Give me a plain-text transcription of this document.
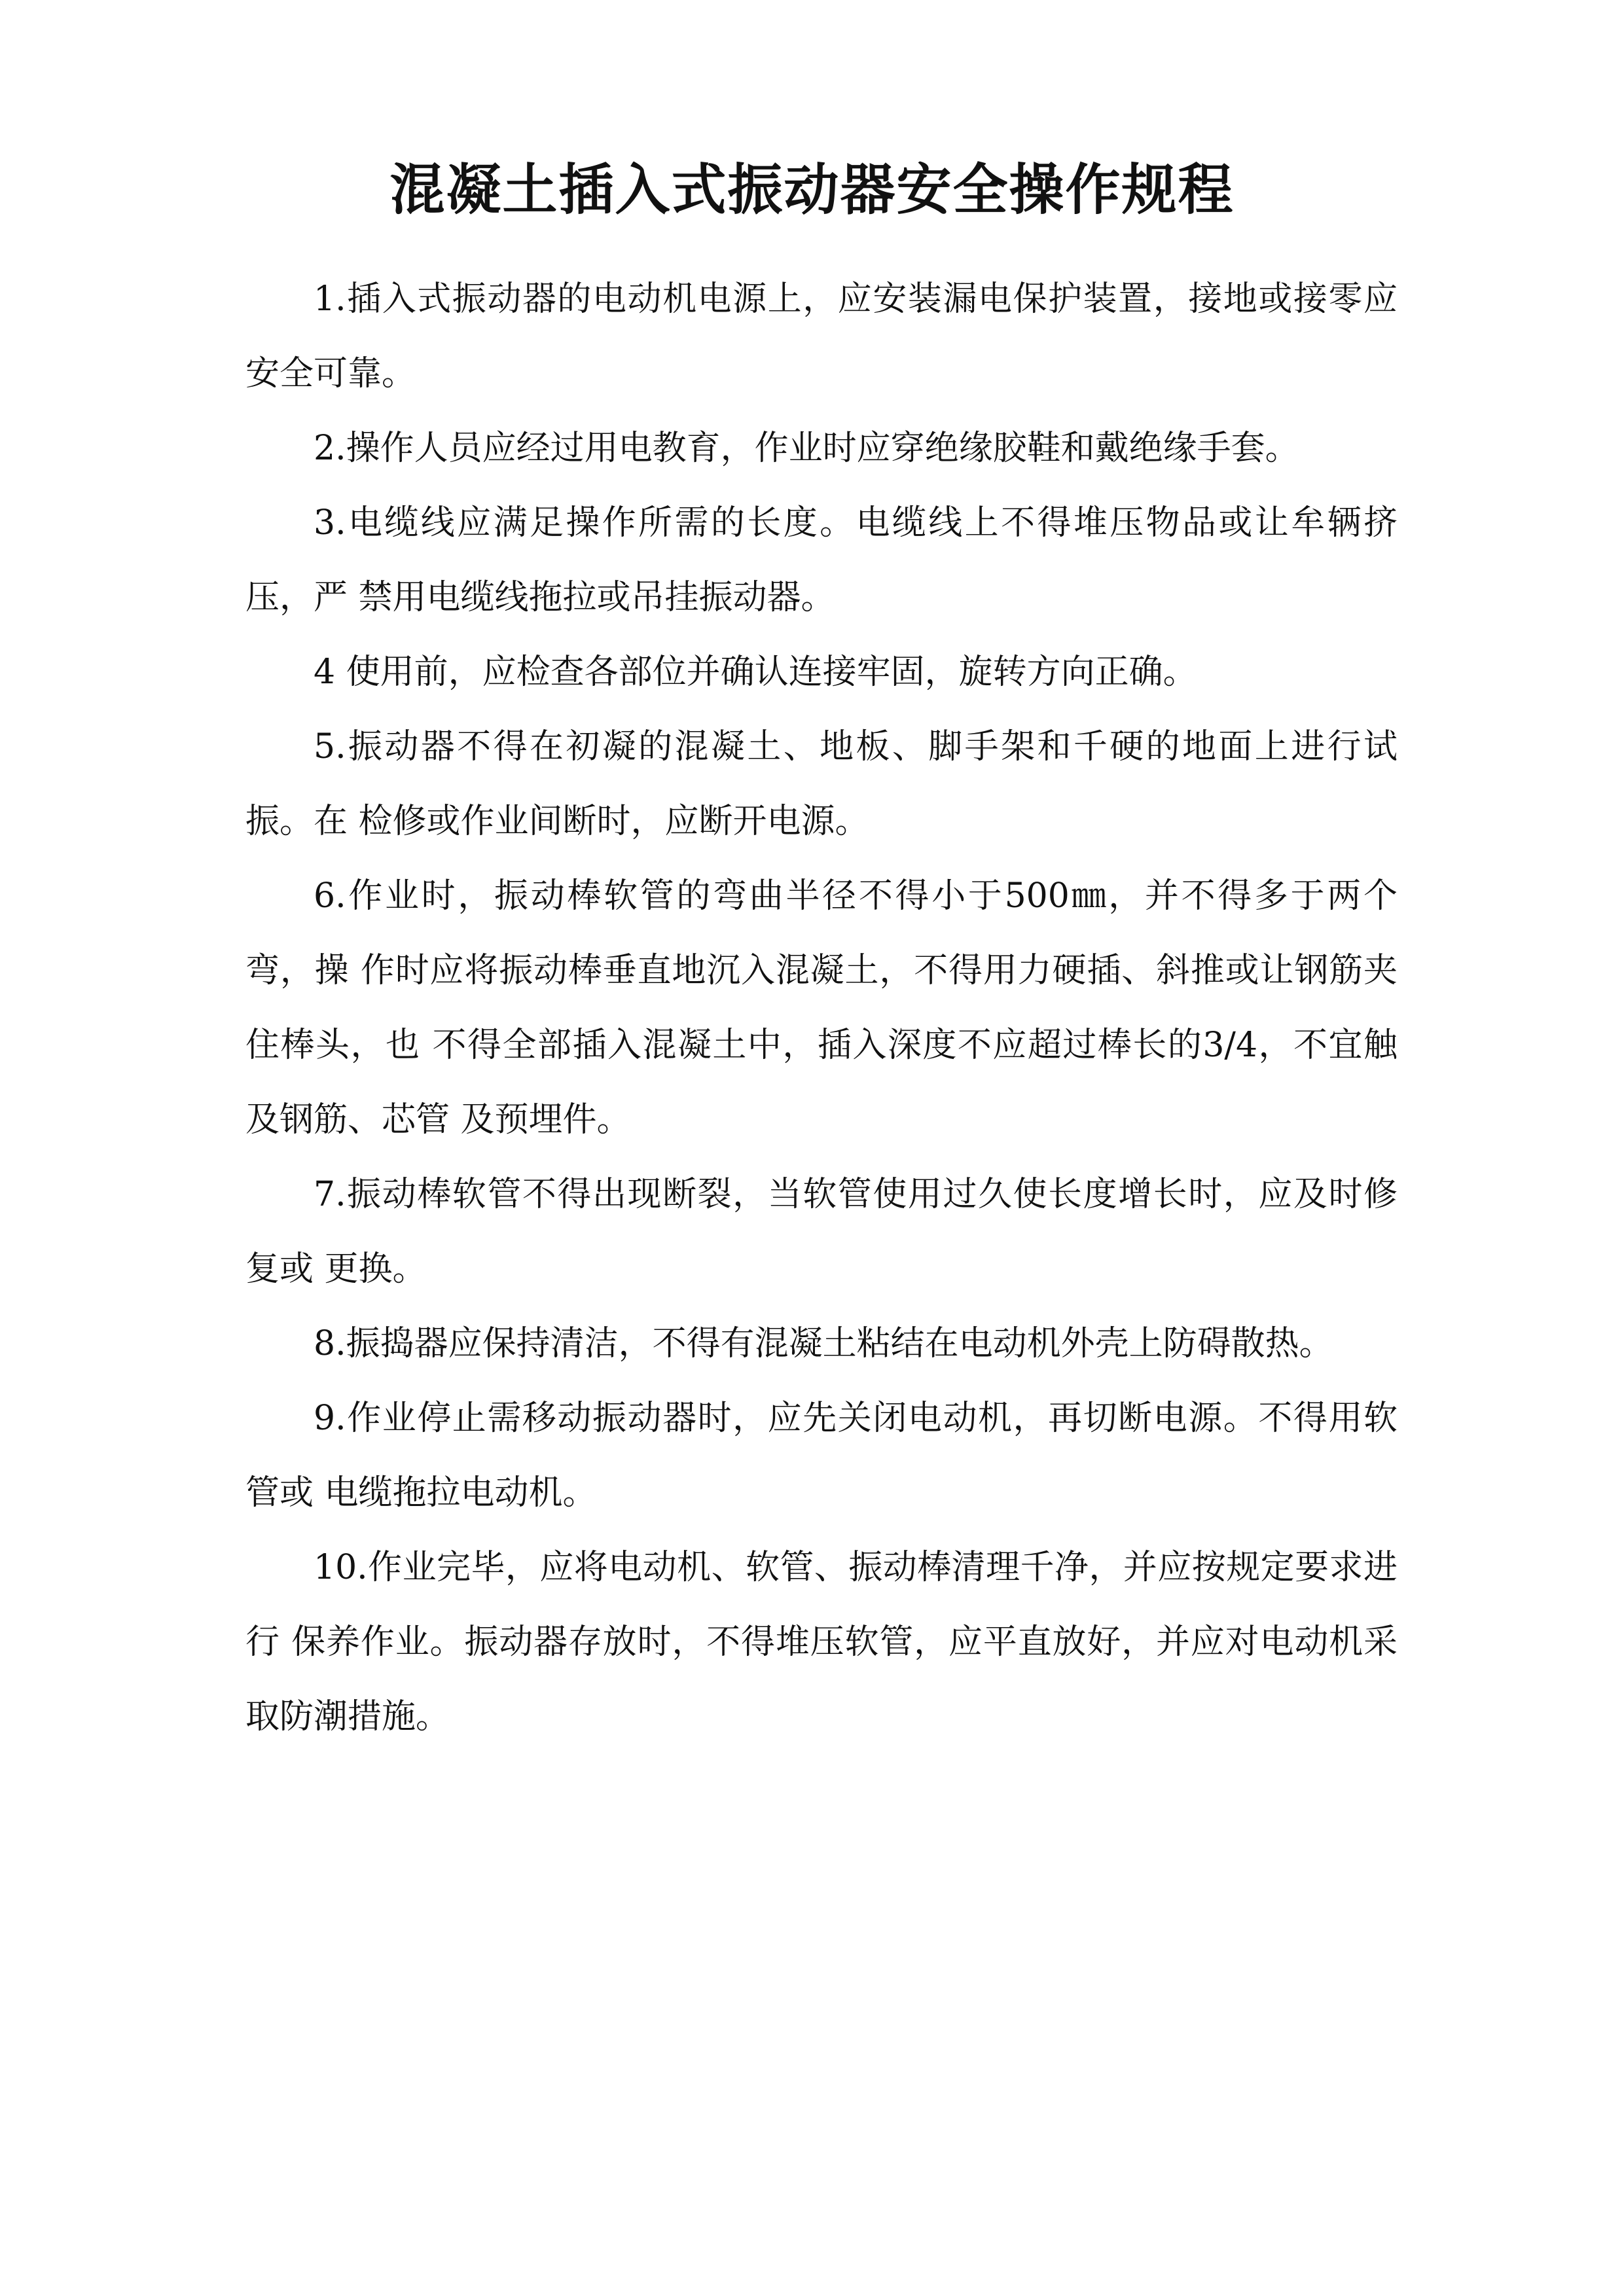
混凝土插入式振动器安全操作规程

1.插入式振动器的电动机电源上，应安装漏电保护装置，接地或接零应安全可靠。

2.操作人员应经过用电教育，作业时应穿绝缘胶鞋和戴绝缘手套。

3.电缆线应满足操作所需的长度。电缆线上不得堆压物品或让牟辆挤压，严 禁用电缆线拖拉或吊挂振动器。

4 使用前，应检查各部位并确认连接牢固，旋转方向正确。

5.振动器不得在初凝的混凝土、地板、脚手架和千硬的地面上进行试振。在 检修或作业间断时，应断开电源。

6.作业时，振动棒软管的弯曲半径不得小于500㎜，并不得多于两个弯，操 作时应将振动棒垂直地沉入混凝土，不得用力硬插、斜推或让钢筋夹住棒头，也 不得全部插入混凝土中，插入深度不应超过棒长的3/4，不宜触及钢筋、芯管 及预埋件。

7.振动棒软管不得出现断裂，当软管使用过久使长度增长时，应及时修复或 更换。

8.振捣器应保持清洁，不得有混凝土粘结在电动机外壳上防碍散热。

9.作业停止需移动振动器时，应先关闭电动机，再切断电源。不得用软管或 电缆拖拉电动机。

10.作业完毕，应将电动机、软管、振动棒清理千净，并应按规定要求进行 保养作业。振动器存放时，不得堆压软管，应平直放好，并应对电动机采取防潮措施。
